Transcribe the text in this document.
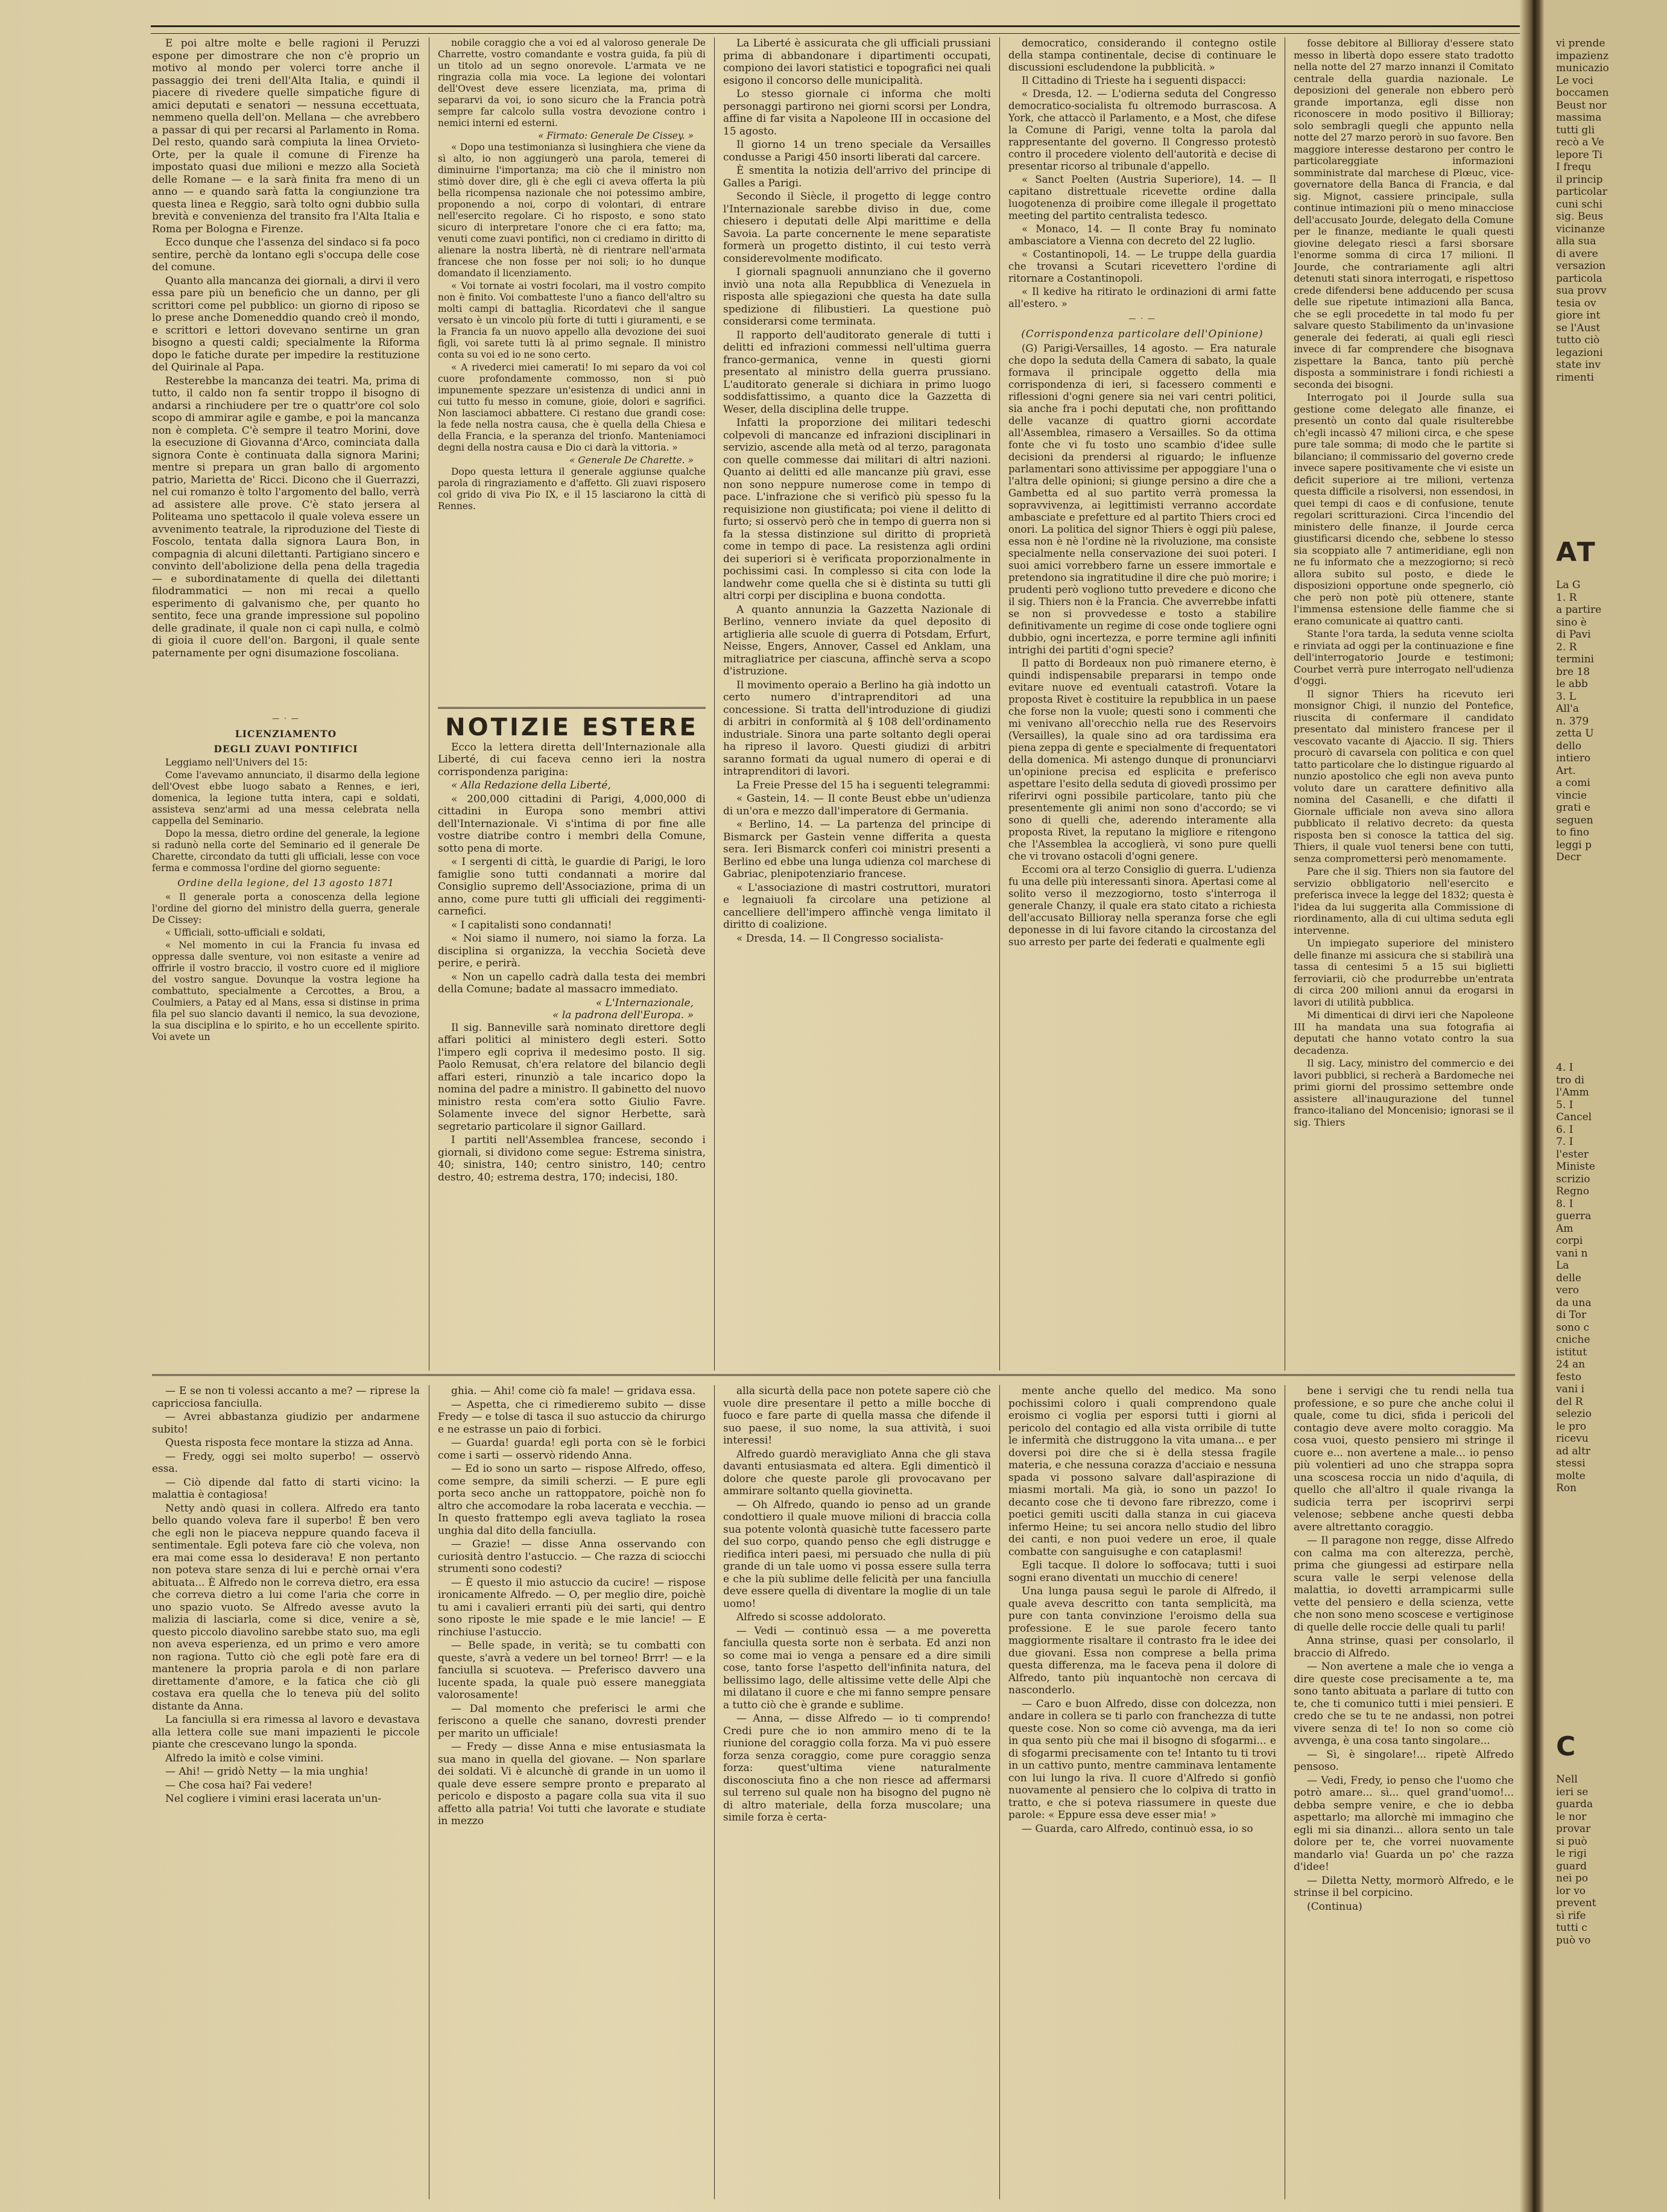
E poi altre molte e belle ragioni il Peruzzi espone per dimostrare che non c'è proprio un motivo al mondo per volerci torre anche il passaggio dei treni dell'Alta Italia, e quindi il piacere di rivedere quelle simpatiche figure di amici deputati e senatori — nessuna eccettuata, nemmeno quella dell'on. Mellana — che avrebbero a passar di qui per recarsi al Parlamento in Roma. Del resto, quando sarà compiuta la linea Orvieto-Orte, per la quale il comune di Firenze ha impostato quasi due milioni e mezzo alla Società delle Romane — e la sarà finita fra meno di un anno — e quando sarà fatta la congiunzione tra questa linea e Reggio, sarà tolto ogni dubbio sulla brevità e convenienza del transito fra l'Alta Italia e Roma per Bologna e Firenze.

Ecco dunque che l'assenza del sindaco si fa poco sentire, perchè da lontano egli s'occupa delle cose del comune.

Quanto alla mancanza dei giornali, a dirvi il vero essa pare più un beneficio che un danno, per gli scrittori come pel pubblico: un giorno di riposo se lo prese anche Domeneddio quando creò il mondo, e scrittori e lettori dovevano sentirne un gran bisogno a questi caldi; specialmente la Riforma dopo le fatiche durate per impedire la restituzione del Quirinale al Papa.

Resterebbe la mancanza dei teatri. Ma, prima di tutto, il caldo non fa sentir troppo il bisogno di andarsi a rinchiudere per tre o quattr'ore col solo scopo di ammirar agile e gambe, e poi la mancanza non è completa. C'è sempre il teatro Morini, dove la esecuzione di Giovanna d'Arco, cominciata dalla signora Conte è continuata dalla signora Marini; mentre si prepara un gran ballo di argomento patrio, Marietta de' Ricci. Dicono che il Guerrazzi, nel cui romanzo è tolto l'argomento del ballo, verrà ad assistere alle prove. C'è stato jersera al Politeama uno spettacolo il quale voleva essere un avvenimento teatrale, la riproduzione del Tieste di Foscolo, tentata dalla signora Laura Bon, in compagnia di alcuni dilettanti. Partigiano sincero e convinto dell'abolizione della pena della tragedia — e subordinatamente di quella dei dilettanti filodrammatici — non mi recai a quello esperimento di galvanismo che, per quanto ho sentito, fece una grande impressione sul popolino delle gradinate, il quale non ci capì nulla, e colmò di gioia il cuore dell'on. Bargoni, il quale sente paternamente per ogni disumazione foscoliana.

— · —
LICENZIAMENTO
DEGLI ZUAVI PONTIFICI

Leggiamo nell'Univers del 15:

Come l'avevamo annunciato, il disarmo della legione dell'Ovest ebbe luogo sabato a Rennes, e ieri, domenica, la legione tutta intera, capi e soldati, assisteva senz'armi ad una messa celebrata nella cappella del Seminario.

Dopo la messa, dietro ordine del generale, la legione si radunò nella corte del Seminario ed il generale De Charette, circondato da tutti gli ufficiali, lesse con voce ferma e commossa l'ordine del giorno seguente:

Ordine della legione, del 13 agosto 1871

« Il generale porta a conoscenza della legione l'ordine del giorno del ministro della guerra, generale De Cissey:

« Ufficiali, sotto-ufficiali e soldati,

« Nel momento in cui la Francia fu invasa ed oppressa dalle sventure, voi non esitaste a venire ad offrirle il vostro braccio, il vostro cuore ed il migliore del vostro sangue. Dovunque la vostra legione ha combattuto, specialmente a Cercottes, a Brou, a Coulmiers, a Patay ed al Mans, essa si distinse in prima fila pel suo slancio davanti il nemico, la sua devozione, la sua disciplina e lo spirito, e ho un eccellente spirito. Voi avete un

nobile coraggio che a voi ed al valoroso generale De Charrette, vostro comandante e vostra guida, fa più di un titolo ad un segno onorevole. L'armata ve ne ringrazia colla mia voce. La legione dei volontari dell'Ovest deve essere licenziata, ma, prima di separarvi da voi, io sono sicuro che la Francia potrà sempre far calcolo sulla vostra devozione contro i nemici interni ed esterni.

« Firmato: Generale De Cissey. »

« Dopo una testimonianza sì lusinghiera che viene da sì alto, io non aggiungerò una parola, temerei di diminuirne l'importanza; ma ciò che il ministro non stimò dover dire, gli è che egli ci aveva offerta la più bella ricompensa nazionale che noi potessimo ambire, proponendo a noi, corpo di volontari, di entrare nell'esercito regolare. Ci ho risposto, e sono stato sicuro di interpretare l'onore che ci era fatto; ma, venuti come zuavi pontifici, non ci crediamo in diritto di alienare la nostra libertà, nè di rientrare nell'armata francese che non fosse per noi soli; io ho dunque domandato il licenziamento.

« Voi tornate ai vostri focolari, ma il vostro compito non è finito. Voi combatteste l'uno a fianco dell'altro su molti campi di battaglia. Ricordatevi che il sangue versato è un vincolo più forte di tutti i giuramenti, e se la Francia fa un nuovo appello alla devozione dei suoi figli, voi sarete tutti là al primo segnale. Il ministro conta su voi ed io ne sono certo.

« A rivederci miei camerati! Io mi separo da voi col cuore profondamente commosso, non si può impunemente spezzare un'esistenza di undici anni in cui tutto fu messo in comune, gioie, dolori e sagrifici. Non lasciamoci abbattere. Ci restano due grandi cose: la fede nella nostra causa, che è quella della Chiesa e della Francia, e la speranza del trionfo. Manteniamoci degni della nostra causa e Dio ci darà la vittoria. »

« Generale De Charette. »

Dopo questa lettura il generale aggiunse qualche parola di ringraziamento e d'affetto. Gli zuavi risposero col grido di viva Pio IX, e il 15 lasciarono la città di Rennes.

NOTIZIE ESTERE

Ecco la lettera diretta dell'Internazionale alla Liberté, di cui faceva cenno ieri la nostra corrispondenza parigina:

« Alla Redazione della Liberté,

« 200,000 cittadini di Parigi, 4,000,000 di cittadini in Europa sono membri attivi dell'Internazionale. Vi s'intima di por fine alle vostre diatribe contro i membri della Comune, sotto pena di morte.

« I sergenti di città, le guardie di Parigi, le loro famiglie sono tutti condannati a morire dal Consiglio supremo dell'Associazione, prima di un anno, come pure tutti gli ufficiali dei reggimenti-carnefici.

« I capitalisti sono condannati!

« Noi siamo il numero, noi siamo la forza. La disciplina si organizza, la vecchia Società deve perire, e perirà.

« Non un capello cadrà dalla testa dei membri della Comune; badate al massacro immediato.

« L'Internazionale,
« la padrona dell'Europa. »

Il sig. Banneville sarà nominato direttore degli affari politici al ministero degli esteri. Sotto l'impero egli copriva il medesimo posto. Il sig. Paolo Remusat, ch'era relatore del bilancio degli affari esteri, rinunziò a tale incarico dopo la nomina del padre a ministro. Il gabinetto del nuovo ministro resta com'era sotto Giulio Favre. Solamente invece del signor Herbette, sarà segretario particolare il signor Gaillard.

I partiti nell'Assemblea francese, secondo i giornali, si dividono come segue: Estrema sinistra, 40; sinistra, 140; centro sinistro, 140; centro destro, 40; estrema destra, 170; indecisi, 180.

La Liberté è assicurata che gli ufficiali prussiani prima di abbandonare i dipartimenti occupati, compiono dei lavori statistici e topografici nei quali esigono il concorso delle municipalità.

Lo stesso giornale ci informa che molti personaggi partirono nei giorni scorsi per Londra, affine di far visita a Napoleone III in occasione del 15 agosto.

Il giorno 14 un treno speciale da Versailles condusse a Parigi 450 insorti liberati dal carcere.

È smentita la notizia dell'arrivo del principe di Galles a Parigi.

Secondo il Siècle, il progetto di legge contro l'Internazionale sarebbe diviso in due, come chiesero i deputati delle Alpi marittime e della Savoia. La parte concernente le mene separatiste formerà un progetto distinto, il cui testo verrà considerevolmente modificato.

I giornali spagnuoli annunziano che il governo inviò una nota alla Repubblica di Venezuela in risposta alle spiegazioni che questa ha date sulla spedizione di filibustieri. La questione può considerarsi come terminata.

Il rapporto dell'auditorato generale di tutti i delitti ed infrazioni commessi nell'ultima guerra franco-germanica, venne in questi giorni presentato al ministro della guerra prussiano. L'auditorato generale si dichiara in primo luogo soddisfattissimo, a quanto dice la Gazzetta di Weser, della disciplina delle truppe.

Infatti la proporzione dei militari tedeschi colpevoli di mancanze ed infrazioni disciplinari in servizio, ascende alla metà od al terzo, paragonata con quelle commesse dai militari di altri nazioni. Quanto ai delitti ed alle mancanze più gravi, esse non sono neppure numerose come in tempo di pace. L'infrazione che si verificò più spesso fu la requisizione non giustificata; poi viene il delitto di furto; si osservò però che in tempo di guerra non si fa la stessa distinzione sul diritto di proprietà come in tempo di pace. La resistenza agli ordini dei superiori si è verificata proporzionalmente in pochissimi casi. In complesso si cita con lode la landwehr come quella che si è distinta su tutti gli altri corpi per disciplina e buona condotta.

A quanto annunzia la Gazzetta Nazionale di Berlino, vennero inviate da quel deposito di artiglieria alle scuole di guerra di Potsdam, Erfurt, Neisse, Engers, Annover, Cassel ed Anklam, una mitragliatrice per ciascuna, affinchè serva a scopo d'istruzione.

Il movimento operaio a Berlino ha già indotto un certo numero d'intraprenditori ad una concessione. Si tratta dell'introduzione di giudizi di arbitri in conformità al § 108 dell'ordinamento industriale. Sinora una parte soltanto degli operai ha ripreso il lavoro. Questi giudizi di arbitri saranno formati da ugual numero di operai e di intraprenditori di lavori.

La Freie Presse del 15 ha i seguenti telegrammi:

« Gastein, 14. — Il conte Beust ebbe un'udienza di un'ora e mezzo dall'imperatore di Germania.

« Berlino, 14. — La partenza del principe di Bismarck per Gastein venne differita a questa sera. Ieri Bismarck conferì coi ministri presenti a Berlino ed ebbe una lunga udienza col marchese di Gabriac, plenipotenziario francese.

« L'associazione di mastri costruttori, muratori e legnaiuoli fa circolare una petizione al cancelliere dell'impero affinchè venga limitato il diritto di coalizione.

« Dresda, 14. — Il Congresso socialista-

democratico, considerando il contegno ostile della stampa continentale, decise di continuare le discussioni escludendone la pubblicità. »

Il Cittadino di Trieste ha i seguenti dispacci:

« Dresda, 12. — L'odierna seduta del Congresso democratico-socialista fu oltremodo burrascosa. A York, che attaccò il Parlamento, e a Most, che difese la Comune di Parigi, venne tolta la parola dal rappresentante del governo. Il Congresso protestò contro il procedere violento dell'autorità e decise di presentar ricorso al tribunale d'appello.

« Sanct Poelten (Austria Superiore), 14. — Il capitano distrettuale ricevette ordine dalla luogotenenza di proibire come illegale il progettato meeting del partito centralista tedesco.

« Monaco, 14. — Il conte Bray fu nominato ambasciatore a Vienna con decreto del 22 luglio.

« Costantinopoli, 14. — Le truppe della guardia che trovansi a Scutari ricevettero l'ordine di ritornare a Costantinopoli.

« Il kedive ha ritirato le ordinazioni di armi fatte all'estero. »

— · —
(Corrispondenza particolare dell'Opinione)

(G) Parigi-Versailles, 14 agosto. — Era naturale che dopo la seduta della Camera di sabato, la quale formava il principale oggetto della mia corrispondenza di ieri, si facessero commenti e riflessioni d'ogni genere sia nei vari centri politici, sia anche fra i pochi deputati che, non profittando delle vacanze di quattro giorni accordate all'Assemblea, rimasero a Versailles. So da ottima fonte che vi fu tosto uno scambio d'idee sulle decisioni da prendersi al riguardo; le influenze parlamentari sono attivissime per appoggiare l'una o l'altra delle opinioni; si giunge persino a dire che a Gambetta ed al suo partito verrà promessa la sopravvivenza, ai legittimisti verranno accordate ambasciate e prefetture ed al partito Thiers croci ed onori. La politica del signor Thiers è oggi più palese, essa non è nè l'ordine nè la rivoluzione, ma consiste specialmente nella conservazione dei suoi poteri. I suoi amici vorrebbero farne un essere immortale e pretendono sia ingratitudine il dire che può morire; i prudenti però vogliono tutto prevedere e dicono che il sig. Thiers non è la Francia. Che avverrebbe infatti se non si provvedesse e tosto a stabilire definitivamente un regime di cose onde togliere ogni dubbio, ogni incertezza, e porre termine agli infiniti intrighi dei partiti d'ogni specie?

Il patto di Bordeaux non può rimanere eterno, è quindi indispensabile prepararsi in tempo onde evitare nuove ed eventuali catastrofi. Votare la proposta Rivet è costituire la repubblica in un paese che forse non la vuole; questi sono i commenti che mi venivano all'orecchio nella rue des Reservoirs (Versailles), la quale sino ad ora tardissima era piena zeppa di gente e specialmente di frequentatori della domenica. Mi astengo dunque di pronunciarvi un'opinione precisa ed esplicita e preferisco aspettare l'esito della seduta di giovedì prossimo per riferirvi ogni possibile particolare, tanto più che presentemente gli animi non sono d'accordo; se vi sono di quelli che, aderendo interamente alla proposta Rivet, la reputano la migliore e ritengono che l'Assemblea la accoglierà, vi sono pure quelli che vi trovano ostacoli d'ogni genere.

Eccomi ora al terzo Consiglio di guerra. L'udienza fu una delle più interessanti sinora. Apertasi come al solito verso il mezzogiorno, tosto s'interroga il generale Chanzy, il quale era stato citato a richiesta dell'accusato Billioray nella speranza forse che egli deponesse in di lui favore citando la circostanza del suo arresto per parte dei federati e qualmente egli

fosse debitore al Billioray d'essere stato messo in libertà dopo essere stato tradotto nella notte del 27 marzo innanzi il Comitato centrale della guardia nazionale. Le deposizioni del generale non ebbero però grande importanza, egli disse non riconoscere in modo positivo il Billioray; solo sembragli quegli che appunto nella notte del 27 marzo perorò in suo favore. Ben maggiore interesse destarono per contro le particolareggiate informazioni somministrate dal marchese di Plœuc, vice-governatore della Banca di Francia, e dal sig. Mignot, cassiere principale, sulla continue intimazioni più o meno minacciose dell'accusato Jourde, delegato della Comune per le finanze, mediante le quali questi giovine delegato riescì a farsi sborsare l'enorme somma di circa 17 milioni. Il Jourde, che contrariamente agli altri detenuti stati sinora interrogati, e rispettoso crede difendersi bene adducendo per scusa delle sue ripetute intimazioni alla Banca, che se egli procedette in tal modo fu per salvare questo Stabilimento da un'invasione generale dei federati, ai quali egli riescì invece di far comprendere che bisognava zispettare la Banca, tanto più perchè disposta a somministrare i fondi richiesti a seconda dei bisogni.

Interrogato poi il Jourde sulla sua gestione come delegato alle finanze, ei presentò un conto dal quale risulterebbe ch'egli incassò 47 milioni circa, e che spese pure tale somma; di modo che le partite si bilanciano; il commissario del governo crede invece sapere positivamente che vi esiste un deficit superiore ai tre milioni, vertenza questa difficile a risolversi, non essendosi, in quei tempi di caos e di confusione, tenute regolari scritturazioni. Circa l'incendio del ministero delle finanze, il Jourde cerca giustificarsi dicendo che, sebbene lo stesso sia scoppiato alle 7 antimeridiane, egli non ne fu informato che a mezzogiorno; si recò allora subito sul posto, e diede le disposizioni opportune onde spegnerlo, ciò che però non potè più ottenere, stante l'immensa estensione delle fiamme che si erano comunicate ai quattro canti.

Stante l'ora tarda, la seduta venne sciolta e rinviata ad oggi per la continuazione e fine dell'interrogatorio Jourde e testimoni; Courbet verrà pure interrogato nell'udienza d'oggi.

Il signor Thiers ha ricevuto ieri monsignor Chigi, il nunzio del Pontefice, riuscita di confermare il candidato presentato dal ministero francese per il vescovato vacante di Ajaccio. Il sig. Thiers procurò di cavarsela con politica e con quel tatto particolare che lo distingue riguardo al nunzio apostolico che egli non aveva punto voluto dare un carattere definitivo alla nomina del Casanelli, e che difatti il Giornale ufficiale non aveva sino allora pubblicato il relativo decreto: da questa risposta ben si conosce la tattica del sig. Thiers, il quale vuol tenersi bene con tutti, senza compromettersi però menomamente.

Pare che il sig. Thiers non sia fautore del servizio obbligatorio nell'esercito e preferisca invece la legge del 1832; questa è l'idea da lui suggerita alla Commissione di riordinamento, alla di cui ultima seduta egli intervenne.

Un impiegato superiore del ministero delle finanze mi assicura che si stabilirà una tassa di centesimi 5 a 15 sui biglietti ferroviarii, ciò che produrrebbe un'entrata di circa 200 milioni annui da erogarsi in lavori di utilità pubblica.

Mi dimenticai di dirvi ieri che Napoleone III ha mandata una sua fotografia ai deputati che hanno votato contro la sua decadenza.

Il sig. Lacy, ministro del commercio e dei lavori pubblici, si recherà a Bardomeche nei primi giorni del prossimo settembre onde assistere all'inaugurazione del tunnel franco-italiano del Moncenisio; ignorasi se il sig. Thiers

— E se non ti volessi accanto a me? — riprese la capricciosa fanciulla.

— Avrei abbastanza giudizio per andarmene subito!

Questa risposta fece montare la stizza ad Anna.

— Fredy, oggi sei molto superbo! — osservò essa.

— Ciò dipende dal fatto di starti vicino: la malattia è contagiosa!

Netty andò quasi in collera. Alfredo era tanto bello quando voleva fare il superbo! È ben vero che egli non le piaceva neppure quando faceva il sentimentale. Egli poteva fare ciò che voleva, non era mai come essa lo desiderava! E non pertanto non poteva stare senza di lui e perchè ornai v'era abituata... È Alfredo non le correva dietro, era essa che correva dietro a lui come l'aria che corre in uno spazio vuoto. Se Alfredo avesse avuto la malizia di lasciarla, come si dice, venire a sè, questo piccolo diavolino sarebbe stato suo, ma egli non aveva esperienza, ed un primo e vero amore non ragiona. Tutto ciò che egli potè fare era di mantenere la propria parola e di non parlare direttamente d'amore, e la fatica che ciò gli costava era quella che lo teneva più del solito distante da Anna.

La fanciulla si era rimessa al lavoro e devastava alla lettera colle sue mani impazienti le piccole piante che crescevano lungo la sponda.

Alfredo la imitò e colse vimini.

— Ahi! — gridò Netty — la mia unghia!

— Che cosa hai? Fai vedere!

Nel cogliere i vimini erasi lacerata un'un-

ghia. — Ahi! come ciò fa male! — gridava essa.

— Aspetta, che ci rimedieremo subito — disse Fredy — e tolse di tasca il suo astuccio da chirurgo e ne estrasse un paio di forbici.

— Guarda! guarda! egli porta con sè le forbici come i sarti — osservò ridendo Anna.

— Ed io sono un sarto — rispose Alfredo, offeso, come sempre, da simili scherzi. — E pure egli porta seco anche un rattoppatore, poichè non fo altro che accomodare la roba lacerata e vecchia. — In questo frattempo egli aveva tagliato la rosea unghia dal dito della fanciulla.

— Grazie! — disse Anna osservando con curiosità dentro l'astuccio. — Che razza di sciocchi strumenti sono codesti?

— È questo il mio astuccio da cucire! — rispose ironicamente Alfredo. — O, per meglio dire, poichè tu ami i cavalieri erranti più dei sarti, qui dentro sono riposte le mie spade e le mie lancie! — E rinchiuse l'astuccio.

— Belle spade, in verità; se tu combatti con queste, s'avrà a vedere un bel torneo! Brrr! — e la fanciulla si scuoteva. — Preferisco davvero una lucente spada, la quale può essere maneggiata valorosamente!

— Dal momento che preferisci le armi che feriscono a quelle che sanano, dovresti prender per marito un ufficiale!

— Fredy — disse Anna e mise entusiasmata la sua mano in quella del giovane. — Non sparlare dei soldati. Vi è alcunchè di grande in un uomo il quale deve essere sempre pronto e preparato al pericolo e disposto a pagare colla sua vita il suo affetto alla patria! Voi tutti che lavorate e studiate in mezzo

alla sicurtà della pace non potete sapere ciò che vuole dire presentare il petto a mille bocche di fuoco e fare parte di quella massa che difende il suo paese, il suo nome, la sua attività, i suoi interessi!

Alfredo guardò meravigliato Anna che gli stava davanti entusiasmata ed altera. Egli dimenticò il dolore che queste parole gli provocavano per ammirare soltanto quella giovinetta.

— Oh Alfredo, quando io penso ad un grande condottiero il quale muove milioni di braccia colla sua potente volontà quasichè tutte facessero parte del suo corpo, quando penso che egli distrugge e riedifica interi paesi, mi persuado che nulla di più grande di un tale uomo vi possa essere sulla terra e che la più sublime delle felicità per una fanciulla deve essere quella di diventare la moglie di un tale uomo!

Alfredo si scosse addolorato.

— Vedi — continuò essa — a me poveretta fanciulla questa sorte non è serbata. Ed anzi non so come mai io venga a pensare ed a dire simili cose, tanto forse l'aspetto dell'infinita natura, del bellissimo lago, delle altissime vette delle Alpi che mi dilatano il cuore e che mi fanno sempre pensare a tutto ciò che è grande e sublime.

— Anna, — disse Alfredo — io ti comprendo! Credi pure che io non ammiro meno di te la riunione del coraggio colla forza. Ma vi può essere forza senza coraggio, come pure coraggio senza forza: quest'ultima viene naturalmente disconosciuta fino a che non riesce ad affermarsi sul terreno sul quale non ha bisogno del pugno nè di altro materiale, della forza muscolare; una simile forza è certa-

mente anche quello del medico. Ma sono pochissimi coloro i quali comprendono quale eroismo ci voglia per esporsi tutti i giorni al pericolo del contagio ed alla vista orribile di tutte le infermità che distruggono la vita umana... e per doversi poi dire che si è della stessa fragile materia, e che nessuna corazza d'acciaio e nessuna spada vi possono salvare dall'aspirazione di miasmi mortali. Ma già, io sono un pazzo! Io decanto cose che ti devono fare ribrezzo, come i poetici gemiti usciti dalla stanza in cui giaceva infermo Heine; tu sei ancora nello studio del libro dei canti, e non puoi vedere un eroe, il quale combatte con sanguisughe e con cataplasmi!

Egli tacque. Il dolore lo soffocava; tutti i suoi sogni erano diventati un mucchio di cenere!

Una lunga pausa seguì le parole di Alfredo, il quale aveva descritto con tanta semplicità, ma pure con tanta convinzione l'eroismo della sua professione. E le sue parole fecero tanto maggiormente risaltare il contrasto fra le idee dei due giovani. Essa non comprese a bella prima questa differenza, ma le faceva pena il dolore di Alfredo, tanto più inquantochè non cercava di nasconderlo.

— Caro e buon Alfredo, disse con dolcezza, non andare in collera se ti parlo con franchezza di tutte queste cose. Non so come ciò avvenga, ma da ieri in qua sento più che mai il bisogno di sfogarmi... e di sfogarmi precisamente con te! Intanto tu ti trovi in un cattivo punto, mentre camminava lentamente con lui lungo la riva. Il cuore d'Alfredo si gonfiò nuovamente al pensiero che lo colpiva di tratto in tratto, e che si poteva riassumere in queste due parole: « Eppure essa deve esser mia! »

— Guarda, caro Alfredo, continuò essa, io so

bene i servigi che tu rendi nella tua professione, e so pure che anche colui il quale, come tu dici, sfida i pericoli del contagio deve avere molto coraggio. Ma cosa vuoi, questo pensiero mi stringe il cuore e... non avertene a male... io penso più volentieri ad uno che strappa sopra una scoscesa roccia un nido d'aquila, di quello che all'altro il quale rivanga la sudicia terra per iscoprirvi serpi velenose; sebbene anche questi debba avere altrettanto coraggio.

— Il paragone non regge, disse Alfredo con calma ma con alterezza, perchè, prima che giungessi ad estirpare nella scura valle le serpi velenose della malattia, io dovetti arrampicarmi sulle vette del pensiero e della scienza, vette che non sono meno scoscese e vertiginose di quelle delle roccie delle quali tu parli!

Anna strinse, quasi per consolarlo, il braccio di Alfredo.

— Non avertene a male che io venga a dire queste cose precisamente a te, ma sono tanto abituata a parlare di tutto con te, che ti comunico tutti i miei pensieri. E credo che se tu te ne andassi, non potrei vivere senza di te! Io non so come ciò avvenga, è una cosa tanto singolare...

— Sì, è singolare!... ripetè Alfredo pensoso.

— Vedi, Fredy, io penso che l'uomo che potrò amare... sì... quel grand'uomo!... debba sempre venire, e che io debba aspettarlo; ma allorchè mi immagino che egli mi sia dinanzi... allora sento un tale dolore per te, che vorrei nuovamente mandarlo via! Guarda un po' che razza d'idee!

— Diletta Netty, mormorò Alfredo, e le strinse il bel corpicino.

(Continua)

vi prende
impazienz
municazio
Le voci
boccamen
Beust nor
massima
tutti gli
recò a Ve
lepore Ti
I frequ
il princip
particolar
cuni schi
sig. Beus
vicinanze
alla sua
di avere
versazion
particola
sua provv
tesia ov
giore int
se l'Aust
tutto ciò
legazioni
state inv
rimenti
AT
La G
1. R
a partire
sino è
di Pavi
2. R
termini
bre 18
le abb
3. L
All'a
n. 379
zetta U
dello
intiero
Art.
a comi
vincie
grati e
seguen
to fino
leggi p
Decr
4. I
tro di
l'Amm
5. I
Cancel
6. I
7. I
l'ester
Ministe
scrizio
Regno
8. I
guerra
Am
corpi
vani n
La
delle
vero
da una
di Tor
sono c
cniche
istitut
24 an
festo
vani i
del R
selezio
le pro
ricevu
ad altr
stessi
molte
Ron
C
Nell
ieri se
guarda
le nor
provar
si può
le rigi
guard
nei po
lor vo
prevent
sì rife
tutti c
può vo
